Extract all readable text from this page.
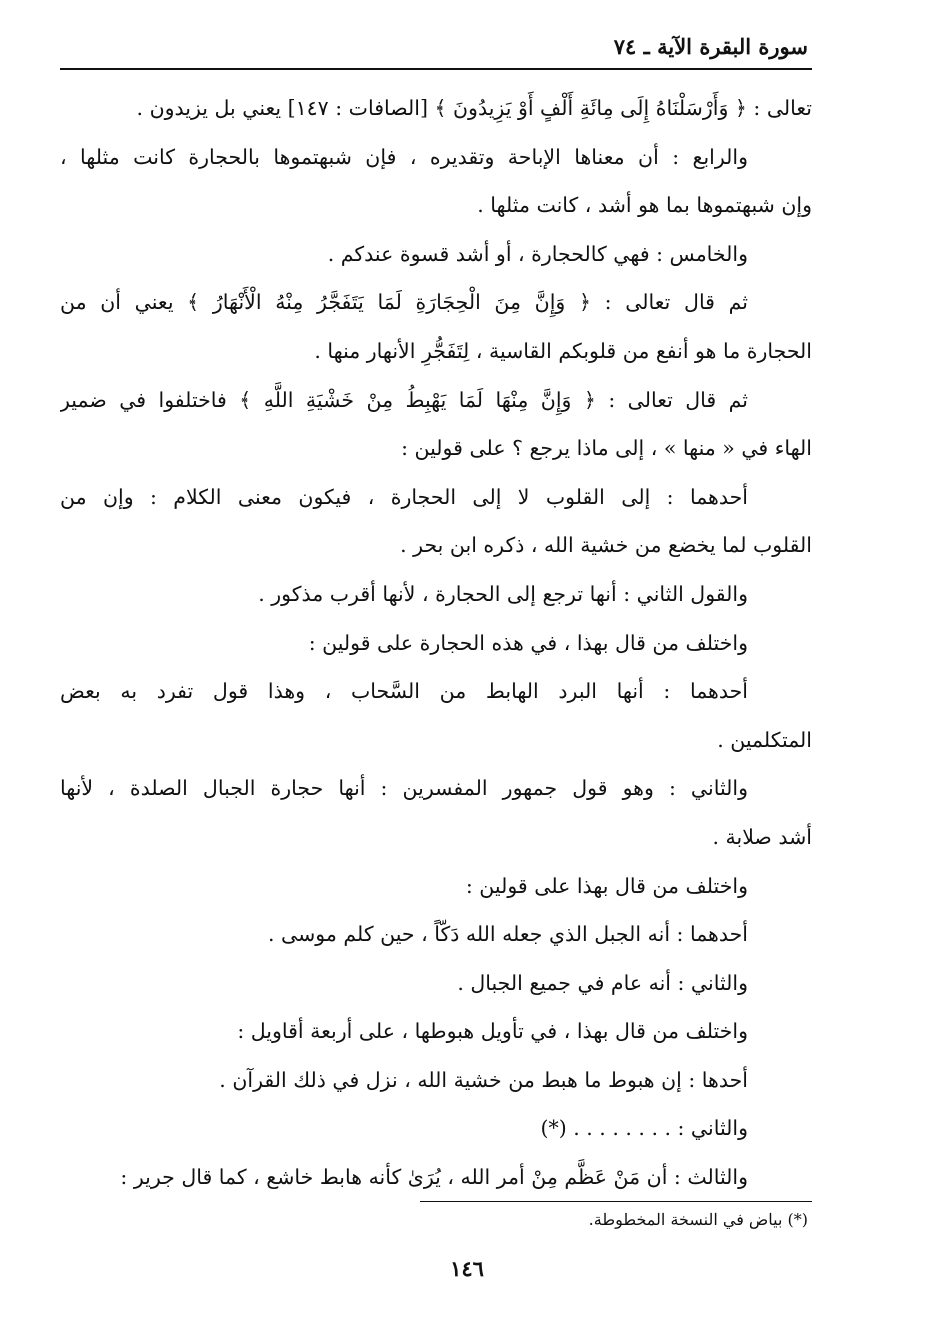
سورة البقرة الآية ـ ٧٤
تعالى : ﴿ وَأَرْسَلْنَاهُ إِلَى مِائَةِ أَلْفٍ أَوْ يَزِيدُونَ ﴾ [الصافات : ١٤٧] يعني بل يزيدون .
والرابع : أن معناها الإباحة وتقديره ، فإن شبهتموها بالحجارة كانت مثلها ،
وإن شبهتموها بما هو أشد ، كانت مثلها .
والخامس : فهي كالحجارة ، أو أشد قسوة عندكم .
ثم قال تعالى : ﴿ وَإِنَّ مِنَ الْحِجَارَةِ لَمَا يَتَفَجَّرُ مِنْهُ الْأَنْهَارُ ﴾ يعني أن من
الحجارة ما هو أنفع من قلوبكم القاسية ، لِتَفَجُّرِ الأنهار منها .
ثم قال تعالى : ﴿ وَإِنَّ مِنْهَا لَمَا يَهْبِطُ مِنْ خَشْيَةِ اللَّهِ ﴾ فاختلفوا في ضمير
الهاء في « منها » ، إلى ماذا يرجع ؟ على قولين :
أحدهما : إلى القلوب لا إلى الحجارة ، فيكون معنى الكلام : وإن من
القلوب لما يخضع من خشية الله ، ذكره ابن بحر .
والقول الثاني : أنها ترجع إلى الحجارة ، لأنها أقرب مذكور .
واختلف من قال بهذا ، في هذه الحجارة على قولين :
أحدهما : أنها البرد الهابط من السَّحاب ، وهذا قول تفرد به بعض
المتكلمين .
والثاني : وهو قول جمهور المفسرين : أنها حجارة الجبال الصلدة ، لأنها
أشد صلابة .
واختلف من قال بهذا على قولين :
أحدهما : أنه الجبل الذي جعله الله دَكّاً ، حين كلم موسى .
والثاني : أنه عام في جميع الجبال .
واختلف من قال بهذا ، في تأويل هبوطها ، على أربعة أقاويل :
أحدها : إن هبوط ما هبط من خشية الله ، نزل في ذلك القرآن .
والثاني : . . . . . . . . (*)
والثالث : أن مَنْ عَظَّم مِنْ أمر الله ، يُرَىٰ كأنه هابط خاشع ، كما قال جرير :
(*) بياض في النسخة المخطوطة.
١٤٦
